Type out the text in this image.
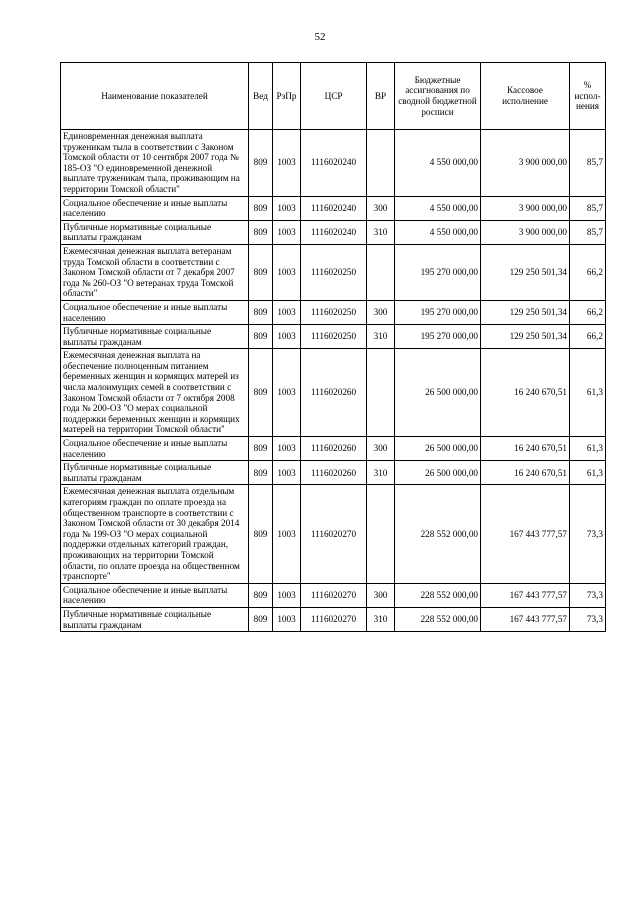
52
Наименование показателей	Вед	РзПр	ЦСР	ВР	Бюджетные ассигнования по сводной бюджетной росписи	Кассовое исполнение	% испол-нения
Единовременная денежная выплата труженикам тыла в соответствии с Законом Томской области от 10 сентября 2007 года № 185-ОЗ "О единовременной денежной выплате труженикам тыла, проживающим на территории Томской области"	809	1003	1116020240		4 550 000,00	3 900 000,00	85,7
Социальное обеспечение и иные выплаты населению	809	1003	1116020240	300	4 550 000,00	3 900 000,00	85,7
Публичные нормативные социальные выплаты гражданам	809	1003	1116020240	310	4 550 000,00	3 900 000,00	85,7
Ежемесячная денежная выплата ветеранам труда Томской области в соответствии с Законом Томской области от 7 декабря 2007 года № 260-ОЗ "О ветеранах труда Томской области"	809	1003	1116020250		195 270 000,00	129 250 501,34	66,2
Социальное обеспечение и иные выплаты населению	809	1003	1116020250	300	195 270 000,00	129 250 501,34	66,2
Публичные нормативные социальные выплаты гражданам	809	1003	1116020250	310	195 270 000,00	129 250 501,34	66,2
Ежемесячная денежная выплата на обеспечение полноценным питанием беременных женщин и кормящих матерей из числа малоимущих семей в соответствии с Законом Томской области от 7 октября 2008 года № 200-ОЗ "О мерах социальной поддержки беременных женщин и кормящих матерей на территории Томской области"	809	1003	1116020260		26 500 000,00	16 240 670,51	61,3
Социальное обеспечение и иные выплаты населению	809	1003	1116020260	300	26 500 000,00	16 240 670,51	61,3
Публичные нормативные социальные выплаты гражданам	809	1003	1116020260	310	26 500 000,00	16 240 670,51	61,3
Ежемесячная денежная выплата отдельным категориям граждан по оплате проезда на общественном транспорте в соответствии с Законом Томской области от 30 декабря 2014 года № 199-ОЗ "О мерах социальной поддержки отдельных категорий граждан, проживающих на территории Томской области, по оплате проезда на общественном транспорте"	809	1003	1116020270		228 552 000,00	167 443 777,57	73,3
Социальное обеспечение и иные выплаты населению	809	1003	1116020270	300	228 552 000,00	167 443 777,57	73,3
Публичные нормативные социальные выплаты гражданам	809	1003	1116020270	310	228 552 000,00	167 443 777,57	73,3
